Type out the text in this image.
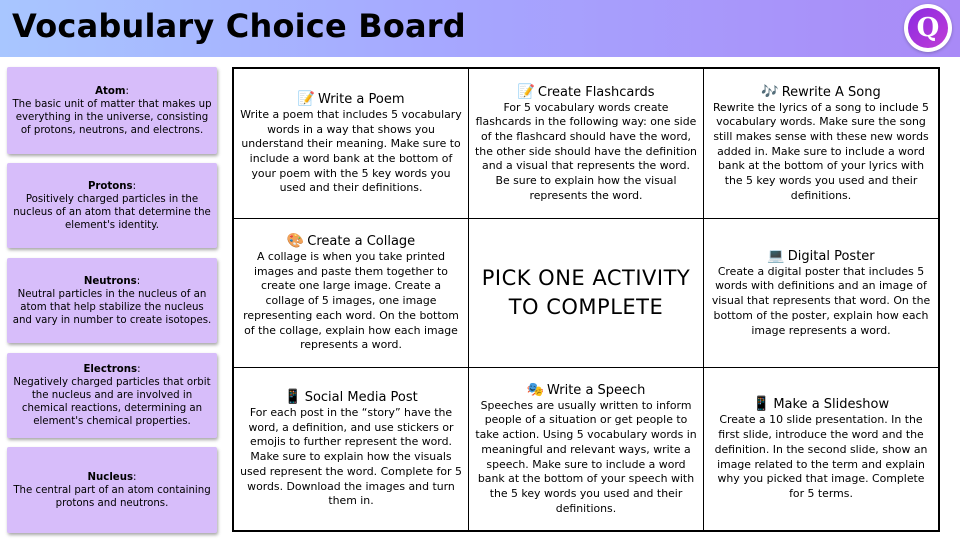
Vocabulary Choice Board	Q
Atom:
The basic unit of matter that makes up everything in the universe, consisting of protons, neutrons, and electrons.
Protons:
Positively charged particles in the nucleus of an atom that determine the element's identity.
Neutrons:
Neutral particles in the nucleus of an atom that help stabilize the nucleus and vary in number to create isotopes.
Electrons:
Negatively charged particles that orbit the nucleus and are involved in chemical reactions, determining an element's chemical properties.
Nucleus:
The central part of an atom containing protons and neutrons.
📝 Write a Poem
Write a poem that includes 5 vocabulary words in a way that shows you understand their meaning. Make sure to include a word bank at the bottom of your poem with the 5 key words you used and their definitions.
📝 Create Flashcards
For 5 vocabulary words create flashcards in the following way: one side of the flashcard should have the word, the other side should have the definition and a visual that represents the word. Be sure to explain how the visual represents the word.
🎶 Rewrite A Song
Rewrite the lyrics of a song to include 5 vocabulary words. Make sure the song still makes sense with these new words added in. Make sure to include a word bank at the bottom of your lyrics with the 5 key words you used and their definitions.
🎨 Create a Collage
A collage is when you take printed images and paste them together to create one large image. Create a collage of 5 images, one image representing each word. On the bottom of the collage, explain how each image represents a word.
PICK ONE ACTIVITY TO COMPLETE
💻 Digital Poster
Create a digital poster that includes 5 words with definitions and an image of visual that represents that word. On the bottom of the poster, explain how each image represents a word.
📱 Social Media Post
For each post in the “story” have the word, a definition, and use stickers or emojis to further represent the word. Make sure to explain how the visuals used represent the word. Complete for 5 words. Download the images and turn them in.
🎭 Write a Speech
Speeches are usually written to inform people of a situation or get people to take action. Using 5 vocabulary words in meaningful and relevant ways, write a speech. Make sure to include a word bank at the bottom of your speech with the 5 key words you used and their definitions.
📱 Make a Slideshow
Create a 10 slide presentation. In the first slide, introduce the word and the definition. In the second slide, show an image related to the term and explain why you picked that image. Complete for 5 terms.
